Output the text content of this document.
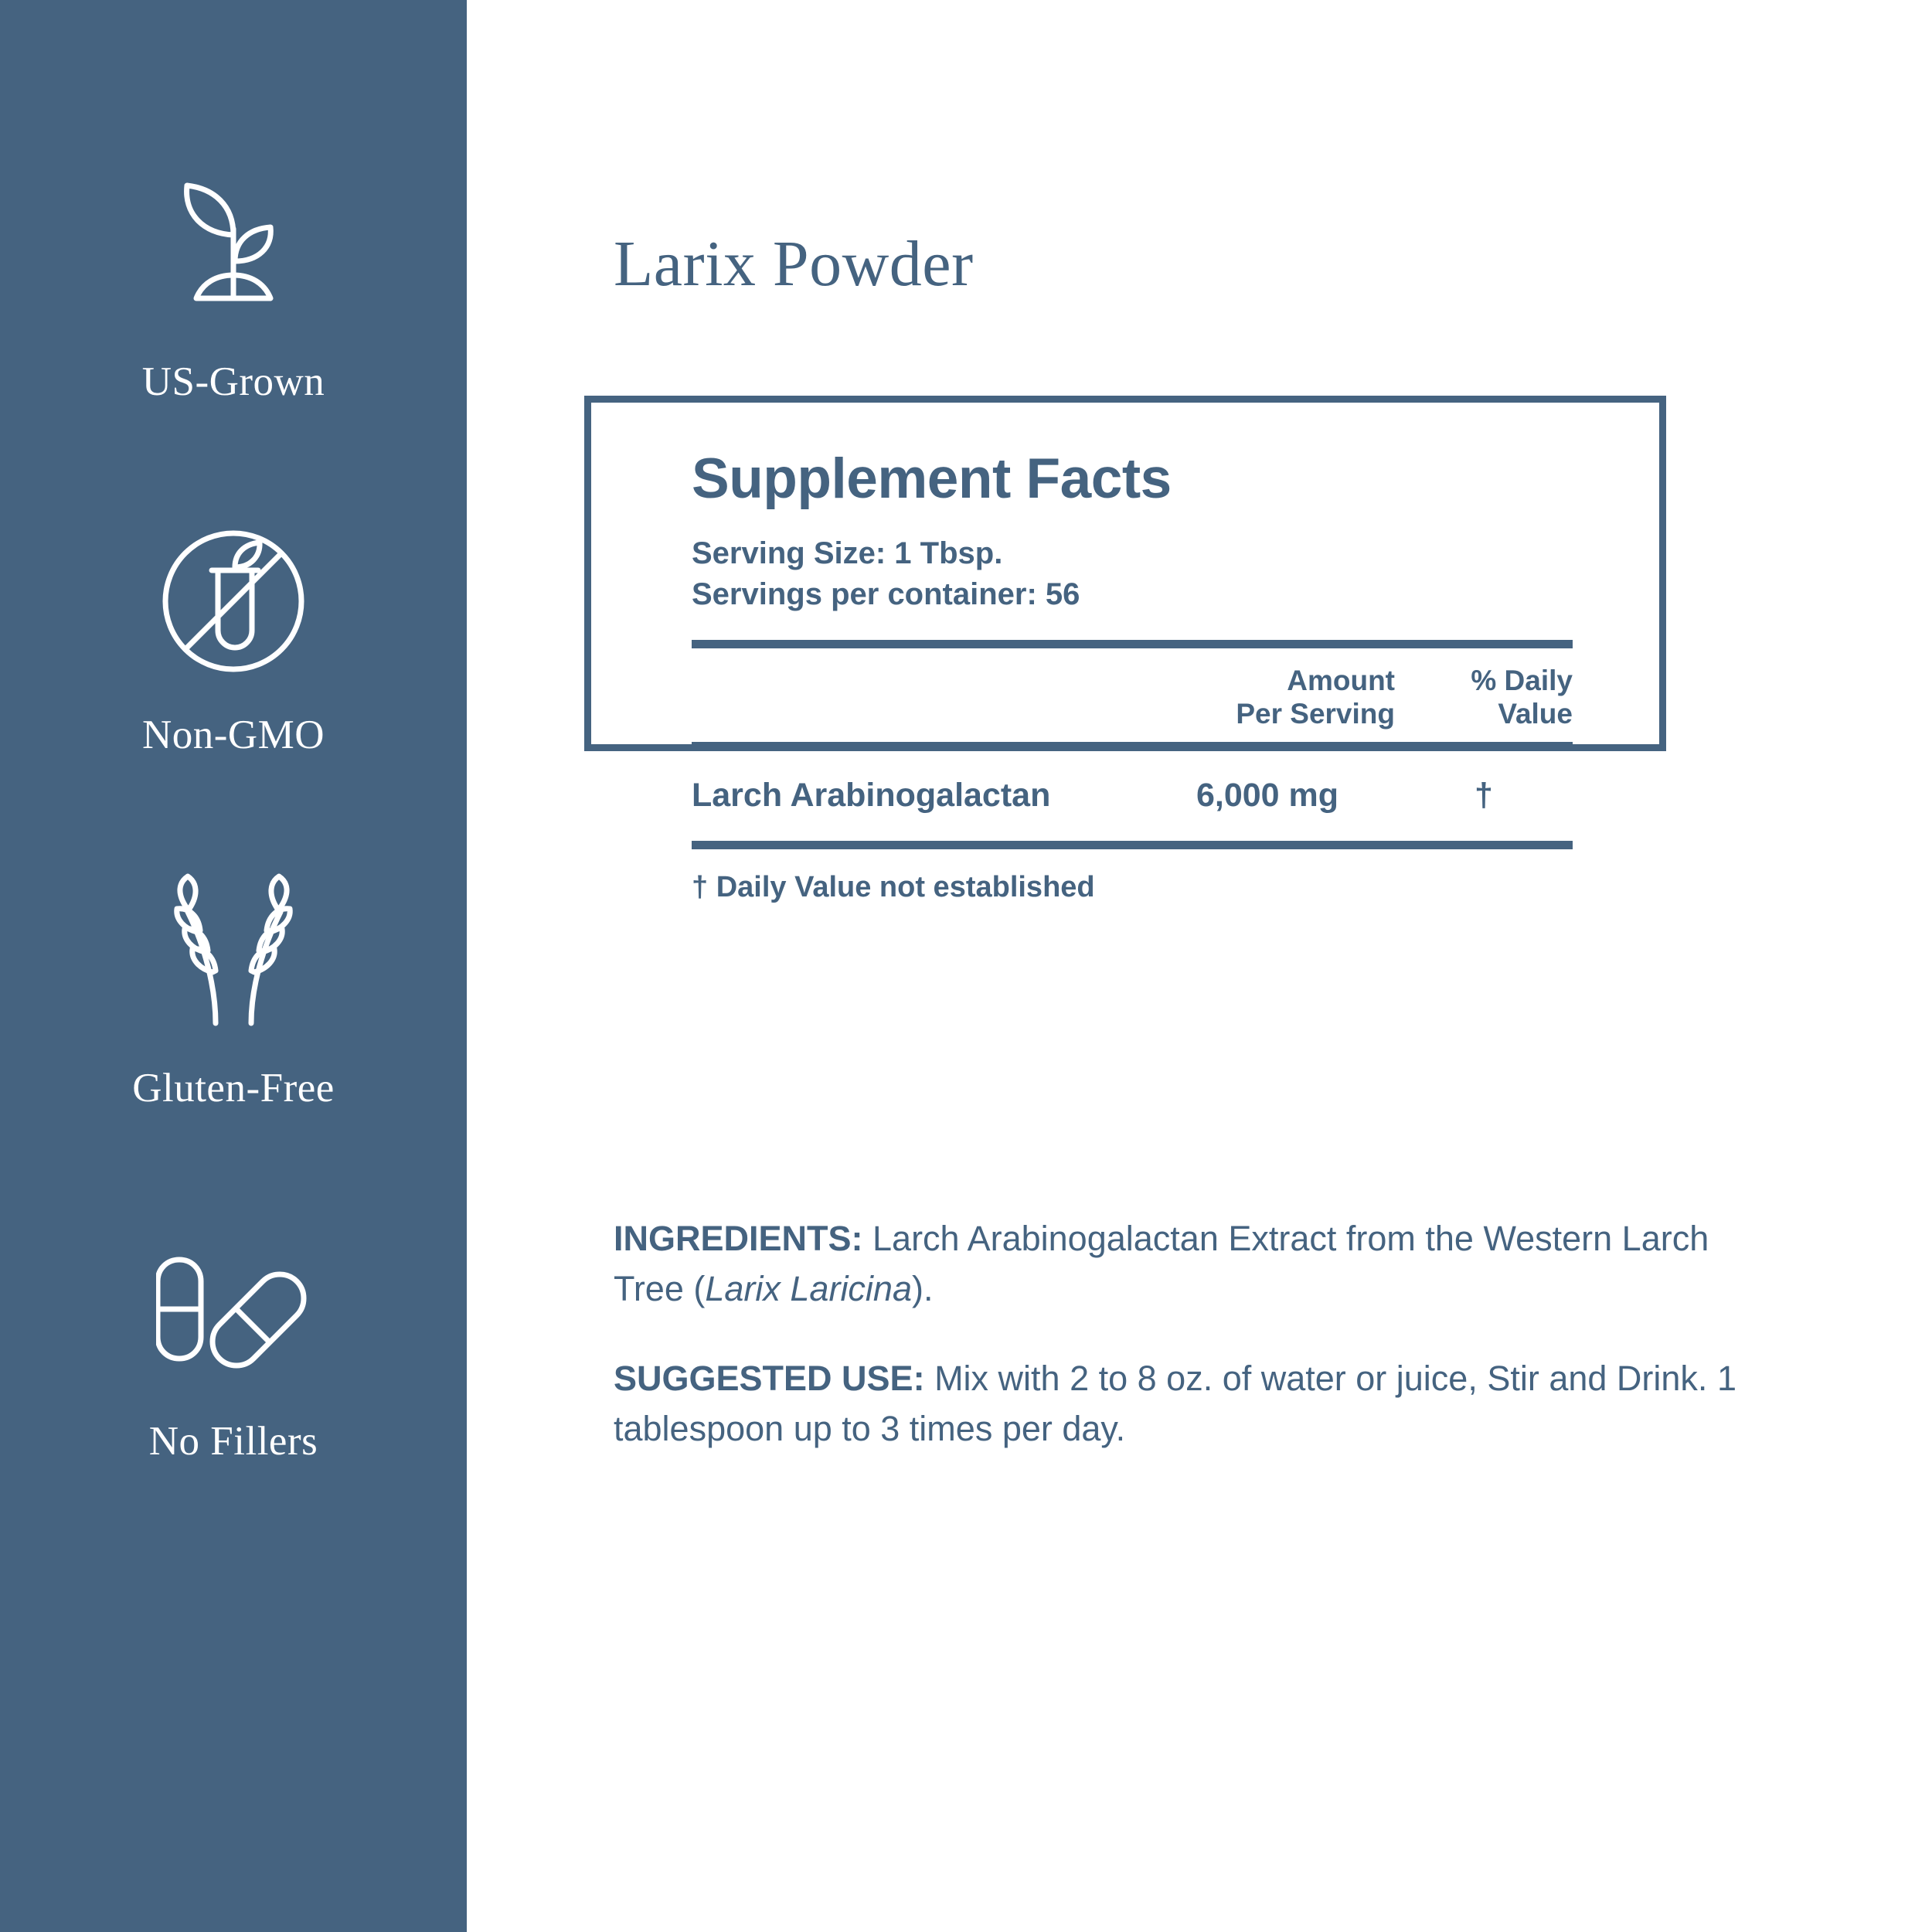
US-Grown
Non-GMO
Gluten-Free
No Fillers
Larix Powder
Supplement Facts
Serving Size: 1 Tbsp.
Servings per container: 56
Amount
Per Serving
% Daily
Value
Larch Arabinogalactan	6,000 mg	†
† Daily Value not established

INGREDIENTS: Larch Arabinogalactan Extract from the Western Larch Tree (Larix Laricina).

SUGGESTED USE: Mix with 2 to 8 oz. of water or juice, Stir and Drink. 1 tablespoon up to 3 times per day.
